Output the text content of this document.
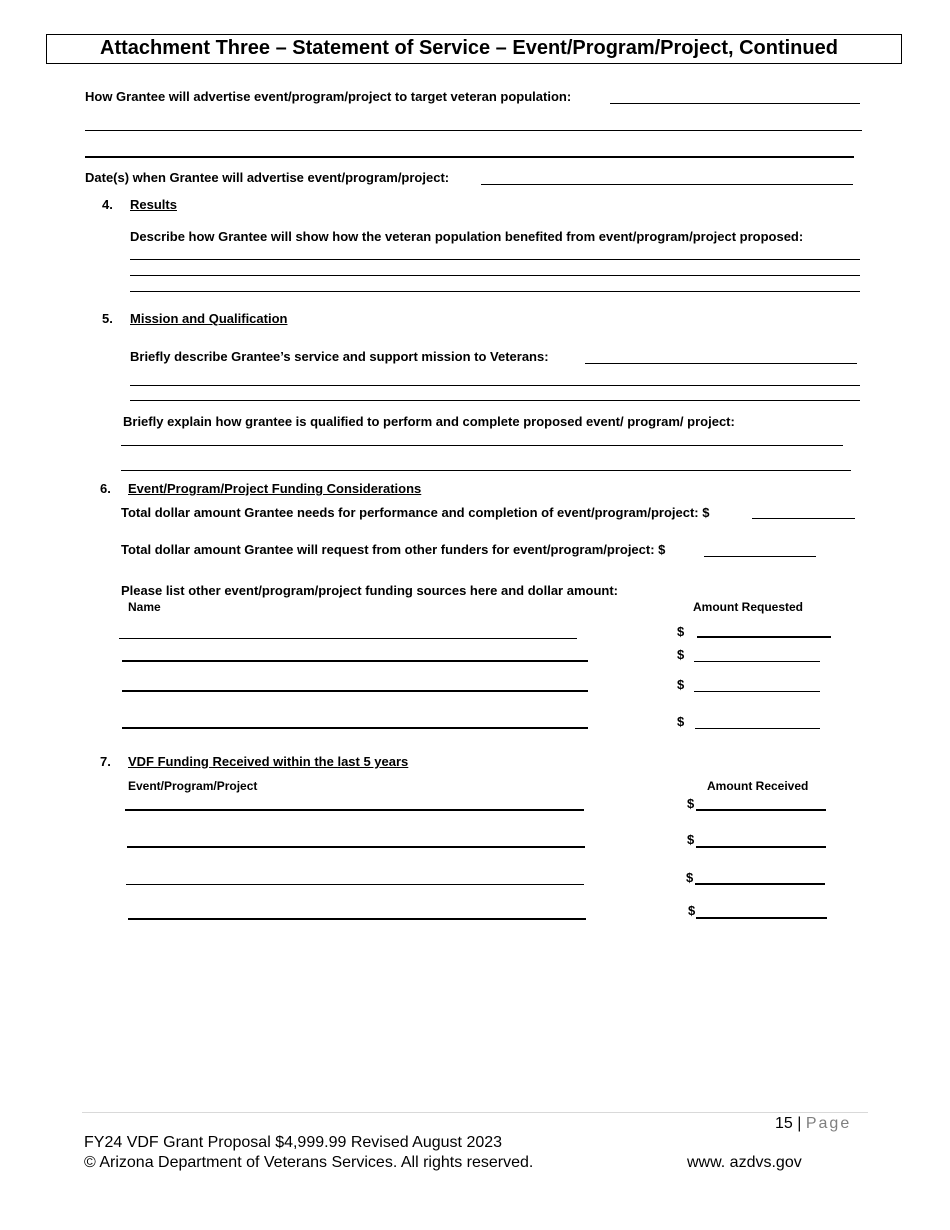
Attachment Three – Statement of Service – Event/Program/Project, Continued
How Grantee will advertise event/program/project to target veteran population:
Date(s) when Grantee will advertise event/program/project:
4. Results
Describe how Grantee will show how the veteran population benefited from event/program/project proposed:
5. Mission and Qualification
Briefly describe Grantee’s service and support mission to Veterans:
Briefly explain how grantee is qualified to perform and complete proposed event/ program/ project:
6. Event/Program/Project Funding Considerations
Total dollar amount Grantee needs for performance and completion of event/program/project: $
Total dollar amount Grantee will request from other funders for event/program/project: $
Please list other event/program/project funding sources here and dollar amount:
Name	Amount Requested
$
$
$
$
7. VDF Funding Received within the last 5 years
Event/Program/Project	Amount Received
$
$
$
$
15 | Page
FY24 VDF Grant Proposal $4,999.99 Revised August 2023
© Arizona Department of Veterans Services. All rights reserved.	www. azdvs.gov
